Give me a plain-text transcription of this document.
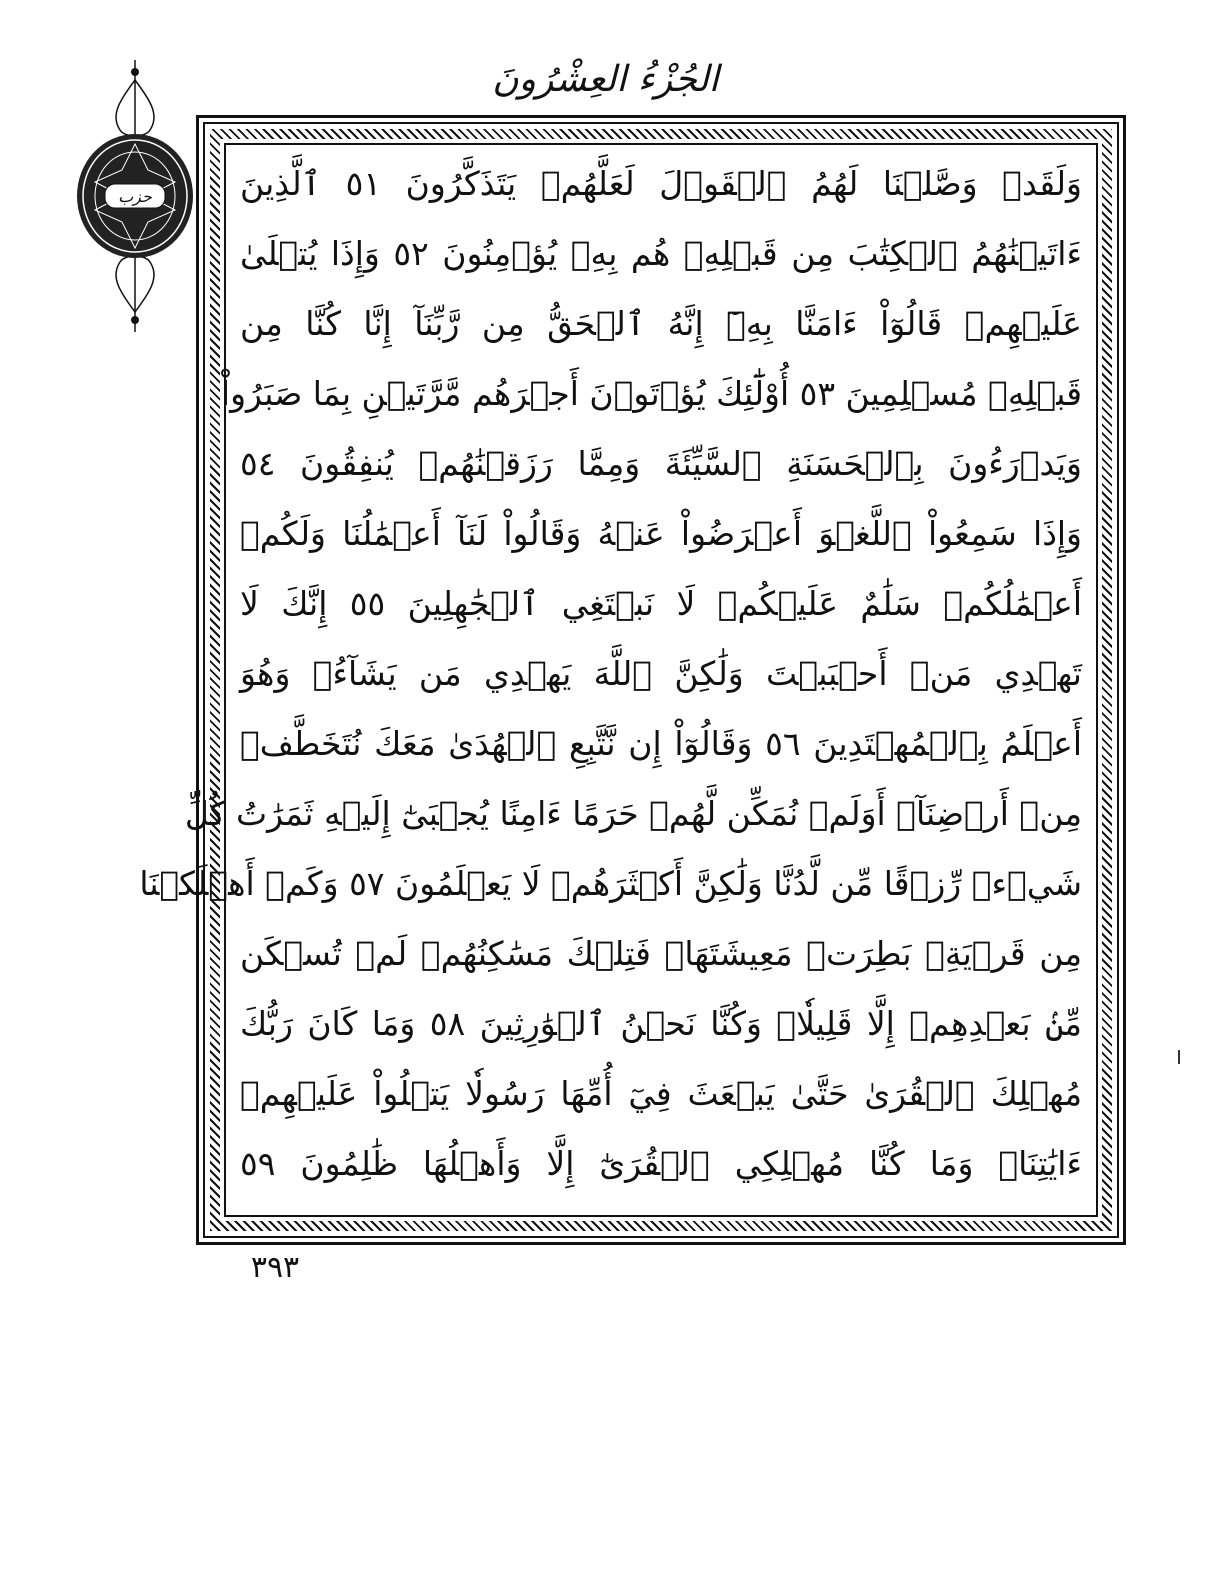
الجُزْءُ العِشْرُونَ
حزب	وَلَقَدۡ وَصَّلۡنَا لَهُمُ ٱلۡقَوۡلَ لَعَلَّهُمۡ يَتَذَكَّرُونَ ٥١ ٱلَّذِينَ
ءَاتَيۡنَٰهُمُ ٱلۡكِتَٰبَ مِن قَبۡلِهِۦ هُم بِهِۦ يُؤۡمِنُونَ ٥٢ وَإِذَا يُتۡلَىٰ
عَلَيۡهِمۡ قَالُوٓاْ ءَامَنَّا بِهِۦٓ إِنَّهُ ٱلۡحَقُّ مِن رَّبِّنَآ إِنَّا كُنَّا مِن
قَبۡلِهِۦ مُسۡلِمِينَ ٥٣ أُوْلَٰٓئِكَ يُؤۡتَوۡنَ أَجۡرَهُم مَّرَّتَيۡنِ بِمَا صَبَرُواْ
وَيَدۡرَءُونَ بِٱلۡحَسَنَةِ ٱلسَّيِّئَةَ وَمِمَّا رَزَقۡنَٰهُمۡ يُنفِقُونَ ٥٤
وَإِذَا سَمِعُواْ ٱللَّغۡوَ أَعۡرَضُواْ عَنۡهُ وَقَالُواْ لَنَآ أَعۡمَٰلُنَا وَلَكُمۡ
أَعۡمَٰلُكُمۡ سَلَٰمٌ عَلَيۡكُمۡ لَا نَبۡتَغِي ٱلۡجَٰهِلِينَ ٥٥ إِنَّكَ لَا
تَهۡدِي مَنۡ أَحۡبَبۡتَ وَلَٰكِنَّ ٱللَّهَ يَهۡدِي مَن يَشَآءُۚ وَهُوَ
أَعۡلَمُ بِٱلۡمُهۡتَدِينَ ٥٦ وَقَالُوٓاْ إِن نَّتَّبِعِ ٱلۡهُدَىٰ مَعَكَ نُتَخَطَّفۡ
مِنۡ أَرۡضِنَآۚ أَوَلَمۡ نُمَكِّن لَّهُمۡ حَرَمًا ءَامِنًا يُجۡبَىٰٓ إِلَيۡهِ ثَمَرَٰتُ كُلِّ
شَيۡءٖ رِّزۡقًا مِّن لَّدُنَّا وَلَٰكِنَّ أَكۡثَرَهُمۡ لَا يَعۡلَمُونَ ٥٧ وَكَمۡ أَهۡلَكۡنَا
مِن قَرۡيَةِۭ بَطِرَتۡ مَعِيشَتَهَاۖ فَتِلۡكَ مَسَٰكِنُهُمۡ لَمۡ تُسۡكَن
مِّنۢ بَعۡدِهِمۡ إِلَّا قَلِيلٗاۖ وَكُنَّا نَحۡنُ ٱلۡوَٰرِثِينَ ٥٨ وَمَا كَانَ رَبُّكَ
مُهۡلِكَ ٱلۡقُرَىٰ حَتَّىٰ يَبۡعَثَ فِيٓ أُمِّهَا رَسُولٗا يَتۡلُواْ عَلَيۡهِمۡ
ءَايَٰتِنَاۚ وَمَا كُنَّا مُهۡلِكِي ٱلۡقُرَىٰٓ إِلَّا وَأَهۡلُهَا ظَٰلِمُونَ ٥٩
٣٩٣
